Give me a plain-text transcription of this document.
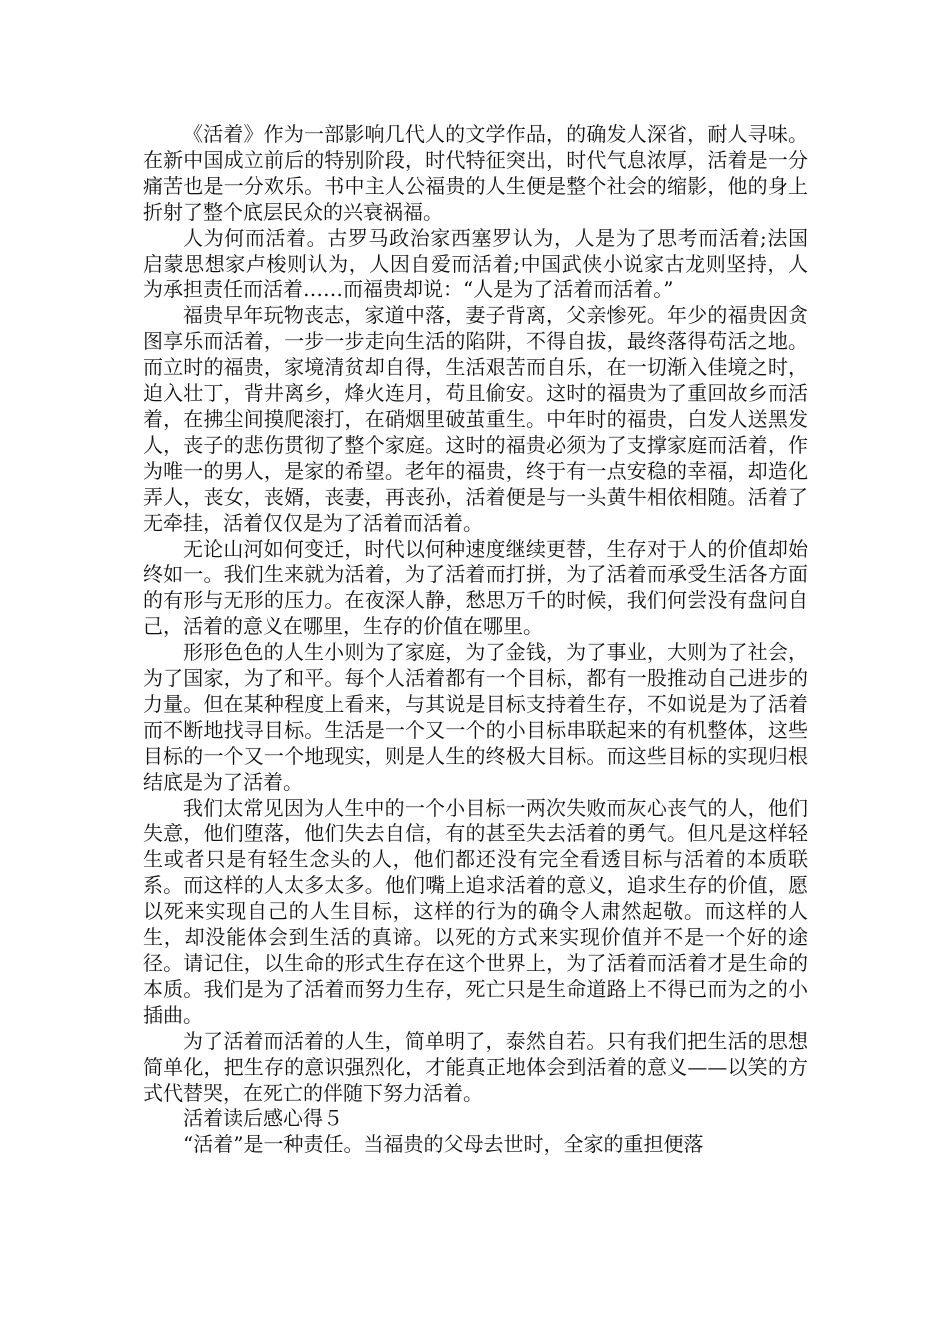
《活着》作为一部影响几代人的文学作品，的确发人深省，耐人寻味。在新中国成立前后的特别阶段，时代特征突出，时代气息浓厚，活着是一分痛苦也是一分欢乐。书中主人公福贵的人生便是整个社会的缩影，他的身上折射了整个底层民众的兴衰祸福。

人为何而活着。古罗马政治家西塞罗认为，人是为了思考而活着;法国启蒙思想家卢梭则认为，人因自爱而活着;中国武侠小说家古龙则坚持，人为承担责任而活着……而福贵却说：“人是为了活着而活着。”

福贵早年玩物丧志，家道中落，妻子背离，父亲惨死。年少的福贵因贪图享乐而活着，一步一步走向生活的陷阱，不得自拔，最终落得苟活之地。而立时的福贵，家境清贫却自得，生活艰苦而自乐，在一切渐入佳境之时，迫入壮丁，背井离乡，烽火连月，苟且偷安。这时的福贵为了重回故乡而活着，在拂尘间摸爬滚打，在硝烟里破茧重生。中年时的福贵，白发人送黑发人，丧子的悲伤贯彻了整个家庭。这时的福贵必须为了支撑家庭而活着，作为唯一的男人，是家的希望。老年的福贵，终于有一点安稳的幸福，却造化弄人，丧女，丧婿，丧妻，再丧孙，活着便是与一头黄牛相依相随。活着了无牵挂，活着仅仅是为了活着而活着。

无论山河如何变迁，时代以何种速度继续更替，生存对于人的价值却始终如一。我们生来就为活着，为了活着而打拼，为了活着而承受生活各方面的有形与无形的压力。在夜深人静，愁思万千的时候，我们何尝没有盘问自己，活着的意义在哪里，生存的价值在哪里。

形形色色的人生小则为了家庭，为了金钱，为了事业，大则为了社会，为了国家，为了和平。每个人活着都有一个目标，都有一股推动自己进步的力量。但在某种程度上看来，与其说是目标支持着生存，不如说是为了活着而不断地找寻目标。生活是一个又一个的小目标串联起来的有机整体，这些目标的一个又一个地现实，则是人生的终极大目标。而这些目标的实现归根结底是为了活着。

我们太常见因为人生中的一个小目标一两次失败而灰心丧气的人，他们失意，他们堕落，他们失去自信，有的甚至失去活着的勇气。但凡是这样轻生或者只是有轻生念头的人，他们都还没有完全看透目标与活着的本质联系。而这样的人太多太多。他们嘴上追求活着的意义，追求生存的价值，愿以死来实现自己的人生目标，这样的行为的确令人肃然起敬。而这样的人生，却没能体会到生活的真谛。以死的方式来实现价值并不是一个好的途径。请记住，以生命的形式生存在这个世界上，为了活着而活着才是生命的本质。我们是为了活着而努力生存，死亡只是生命道路上不得已而为之的小插曲。

为了活着而活着的人生，简单明了，泰然自若。只有我们把生活的思想简单化，把生存的意识强烈化，才能真正地体会到活着的意义——以笑的方式代替哭，在死亡的伴随下努力活着。

活着读后感心得５

“活着”是一种责任。当福贵的父母去世时，全家的重担便落
